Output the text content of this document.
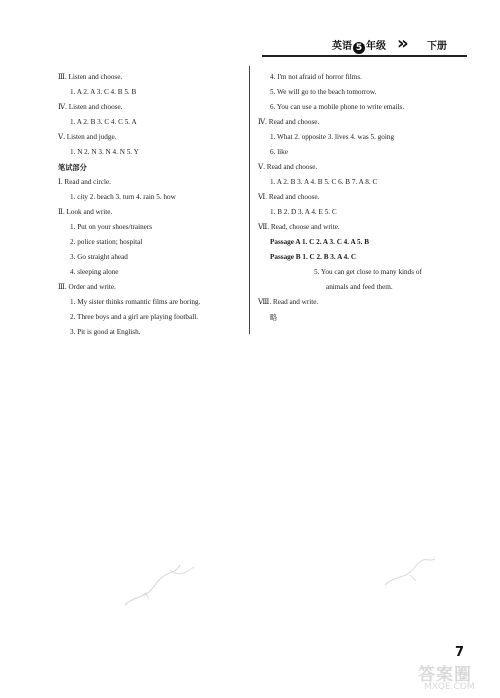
英语 5 年级 » 下册
Ⅲ. Listen and choose.
1. A 2. A 3. C 4. B 5. B
Ⅳ. Listen and choose.
1. A 2. B 3. C 4. C 5. A
Ⅴ. Listen and judge.
1. N 2. N 3. N 4. N 5. Y
笔试部分
Ⅰ. Read and circle.
1. city 2. beach 3. turn 4. rain 5. how
Ⅱ. Look and write.
1. Put on your shoes/trainers
2. police station; hospital
3. Go straight ahead
4. sleeping alone
Ⅲ. Order and write.
1. My sister thinks romantic films are boring.
2. Three boys and a girl are playing football.
3. Pit is good at English.
4. I'm not afraid of horror films.
5. We will go to the beach tomorrow.
6. You can use a mobile phone to write emails.
Ⅳ. Read and choose.
1. What 2. opposite 3. lives 4. was 5. going
6. like
Ⅴ. Read and choose.
1. A 2. B 3. A 4. B 5. C 6. B 7. A 8. C
Ⅵ. Read and choose.
1. B 2. D 3. A 4. E 5. C
Ⅶ. Read, choose and write.
Passage A 1. C 2. A 3. C 4. A 5. B
Passage B 1. C 2. B 3. A 4. C
5. You can get close to many kinds of
animals and feed them.
Ⅷ. Read and write.
略
7
答案圈
MXQE.COM
